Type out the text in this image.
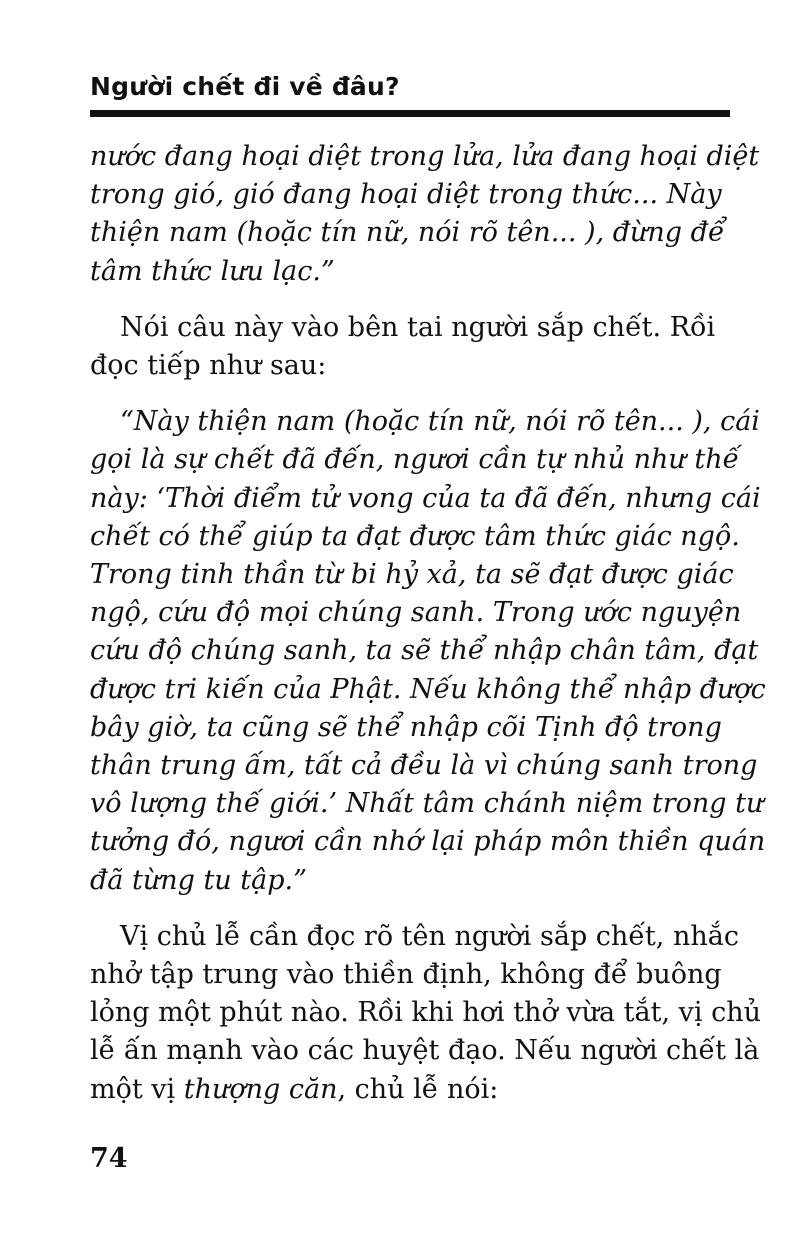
Người chết đi về đâu?

nước đang hoại diệt trong lửa, lửa đang hoại diệt
trong gió, gió đang hoại diệt trong thức... Này
thiện nam (hoặc tín nữ, nói rõ tên... ), đừng để
tâm thức lưu lạc.”

Nói câu này vào bên tai người sắp chết. Rồi
đọc tiếp như sau:

“Này thiện nam (hoặc tín nữ, nói rõ tên... ), cái
gọi là sự chết đã đến, ngươi cần tự nhủ như thế
này: ‘Thời điểm tử vong của ta đã đến, nhưng cái
chết có thể giúp ta đạt được tâm thức giác ngộ.
Trong tinh thần từ bi hỷ xả, ta sẽ đạt được giác
ngộ, cứu độ mọi chúng sanh. Trong ước nguyện
cứu độ chúng sanh, ta sẽ thể nhập chân tâm, đạt
được tri kiến của Phật. Nếu không thể nhập được
bây giờ, ta cũng sẽ thể nhập cõi Tịnh độ trong
thân trung ấm, tất cả đều là vì chúng sanh trong
vô lượng thế giới.’ Nhất tâm chánh niệm trong tư
tưởng đó, ngươi cần nhớ lại pháp môn thiền quán
đã từng tu tập.”

Vị chủ lễ cần đọc rõ tên người sắp chết, nhắc
nhở tập trung vào thiền định, không để buông
lỏng một phút nào. Rồi khi hơi thở vừa tắt, vị chủ
lễ ấn mạnh vào các huyệt đạo. Nếu người chết là
một vị thượng căn, chủ lễ nói:

74
